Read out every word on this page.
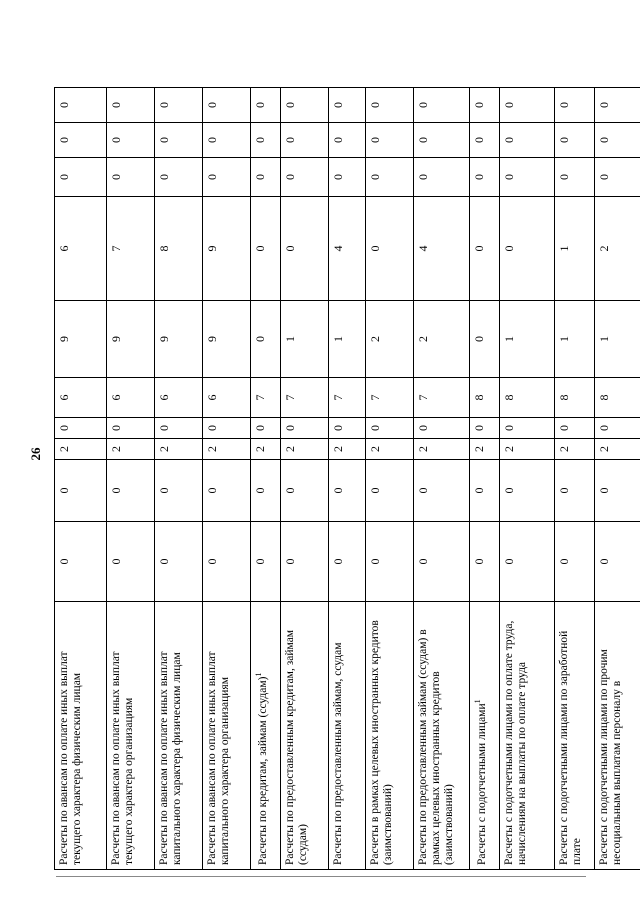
26
Расчеты по авансам по оплате иных выплат текущего характера физическим лицам	0	0	2	0	6	9	6	0	0	0
Расчеты по авансам по оплате иных выплат текущего характера организациям	0	0	2	0	6	9	7	0	0	0
Расчеты по авансам по оплате иных выплат капитального характера физическим лицам	0	0	2	0	6	9	8	0	0	0
Расчеты по авансам по оплате иных выплат капитального характера организациям	0	0	2	0	6	9	9	0	0	0
Расчеты по кредитам, займам (ссудам)$^1$	0	0	2	0	7	0	0	0	0	0
Расчеты по предоставленным кредитам, займам (ссудам)	0	0	2	0	7	1	0	0	0	0
Расчеты по предоставленным займам, ссудам	0	0	2	0	7	1	4	0	0	0
Расчеты в рамках целевых иностранных кредитов (заимствований)	0	0	2	0	7	2	0	0	0	0
Расчеты по предоставленным займам (ссудам) в рамках целевых иностранных кредитов (заимствований)	0	0	2	0	7	2	4	0	0	0
Расчеты с подотчетными лицами$^1$	0	0	2	0	8	0	0	0	0	0
Расчеты с подотчетными лицами по оплате труда, начислениям на выплаты по оплате труда	0	0	2	0	8	1	0	0	0	0
Расчеты с подотчетными лицами по заработной плате	0	0	2	0	8	1	1	0	0	0
Расчеты с подотчетными лицами по прочим несоциальным выплатам персоналу в	0	0	2	0	8	1	2	0	0	0
